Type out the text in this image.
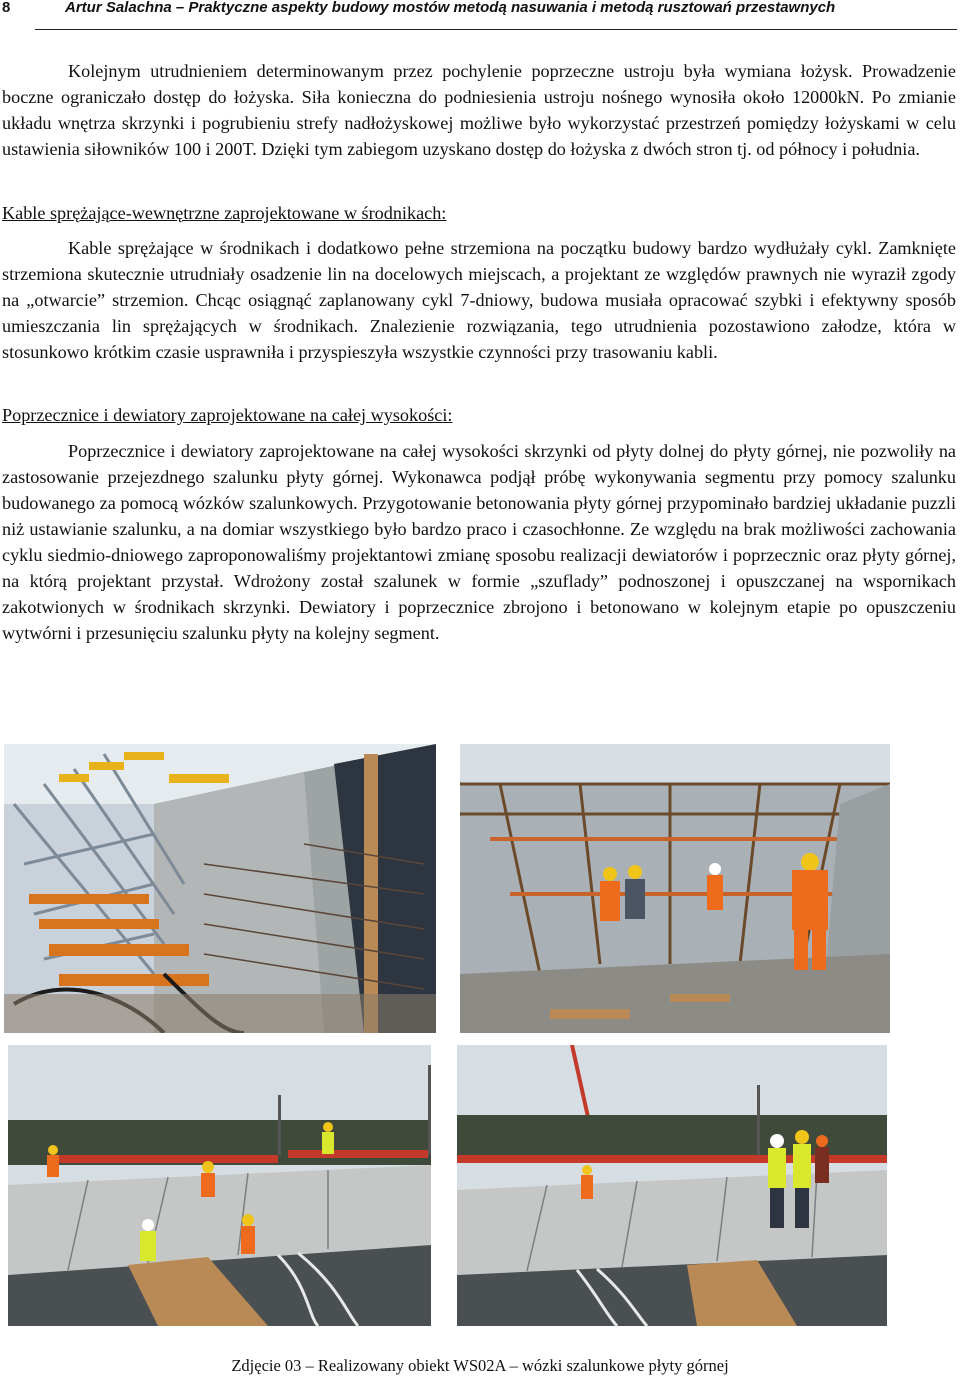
8	Artur Salachna – Praktyczne aspekty budowy mostów metodą nasuwania i metodą rusztowań przestawnych

Kolejnym utrudnieniem determinowanym przez pochylenie poprzeczne ustroju była wymiana łożysk. Prowadzenie boczne ograniczało dostęp do łożyska. Siła konieczna do podniesienia ustroju nośnego wynosiła około 12000kN. Po zmianie układu wnętrza skrzynki i pogrubieniu strefy nadłożyskowej możliwe było wykorzystać przestrzeń pomiędzy łożyskami w celu ustawienia siłowników 100 i 200T. Dzięki tym zabiegom uzyskano dostęp do łożyska z dwóch stron tj. od północy i południa.

Kable sprężające-wewnętrzne zaprojektowane w środnikach:

Kable sprężające w środnikach i dodatkowo pełne strzemiona na początku budowy bardzo wydłużały cykl. Zamknięte strzemiona skutecznie utrudniały osadzenie lin na docelowych miejscach, a projektant ze względów prawnych nie wyraził zgody na „otwarcie” strzemion. Chcąc osiągnąć zaplanowany cykl 7-dniowy, budowa musiała opracować szybki i efektywny sposób umieszczania lin sprężających w środnikach. Znalezienie rozwiązania, tego utrudnienia pozostawiono załodze, która w stosunkowo krótkim czasie usprawniła i przyspieszyła wszystkie czynności przy trasowaniu kabli.

Poprzecznice i dewiatory zaprojektowane na całej wysokości:

Poprzecznice i dewiatory zaprojektowane na całej wysokości skrzynki od płyty dolnej do płyty górnej, nie pozwoliły na zastosowanie przejezdnego szalunku płyty górnej. Wykonawca podjął próbę wykonywania segmentu przy pomocy szalunku budowanego za pomocą wózków szalunkowych. Przygotowanie betonowania płyty górnej przypominało bardziej układanie puzzli niż ustawianie szalunku, a na domiar wszystkiego było bardzo praco i czasochłonne. Ze względu na brak możliwości zachowania cyklu siedmio-dniowego zaproponowaliśmy projektantowi zmianę sposobu realizacji dewiatorów i poprzecznic oraz płyty górnej, na którą projektant przystał. Wdrożony został szalunek w formie „szuflady” podnoszonej i opuszczanej na wspornikach zakotwionych w środnikach skrzynki. Dewiatory i poprzecznice zbrojono i betonowano w kolejnym etapie po opuszczeniu wytwórni i przesunięciu szalunku płyty na kolejny segment.

Zdjęcie 03 – Realizowany obiekt WS02A – wózki szalunkowe płyty górnej
